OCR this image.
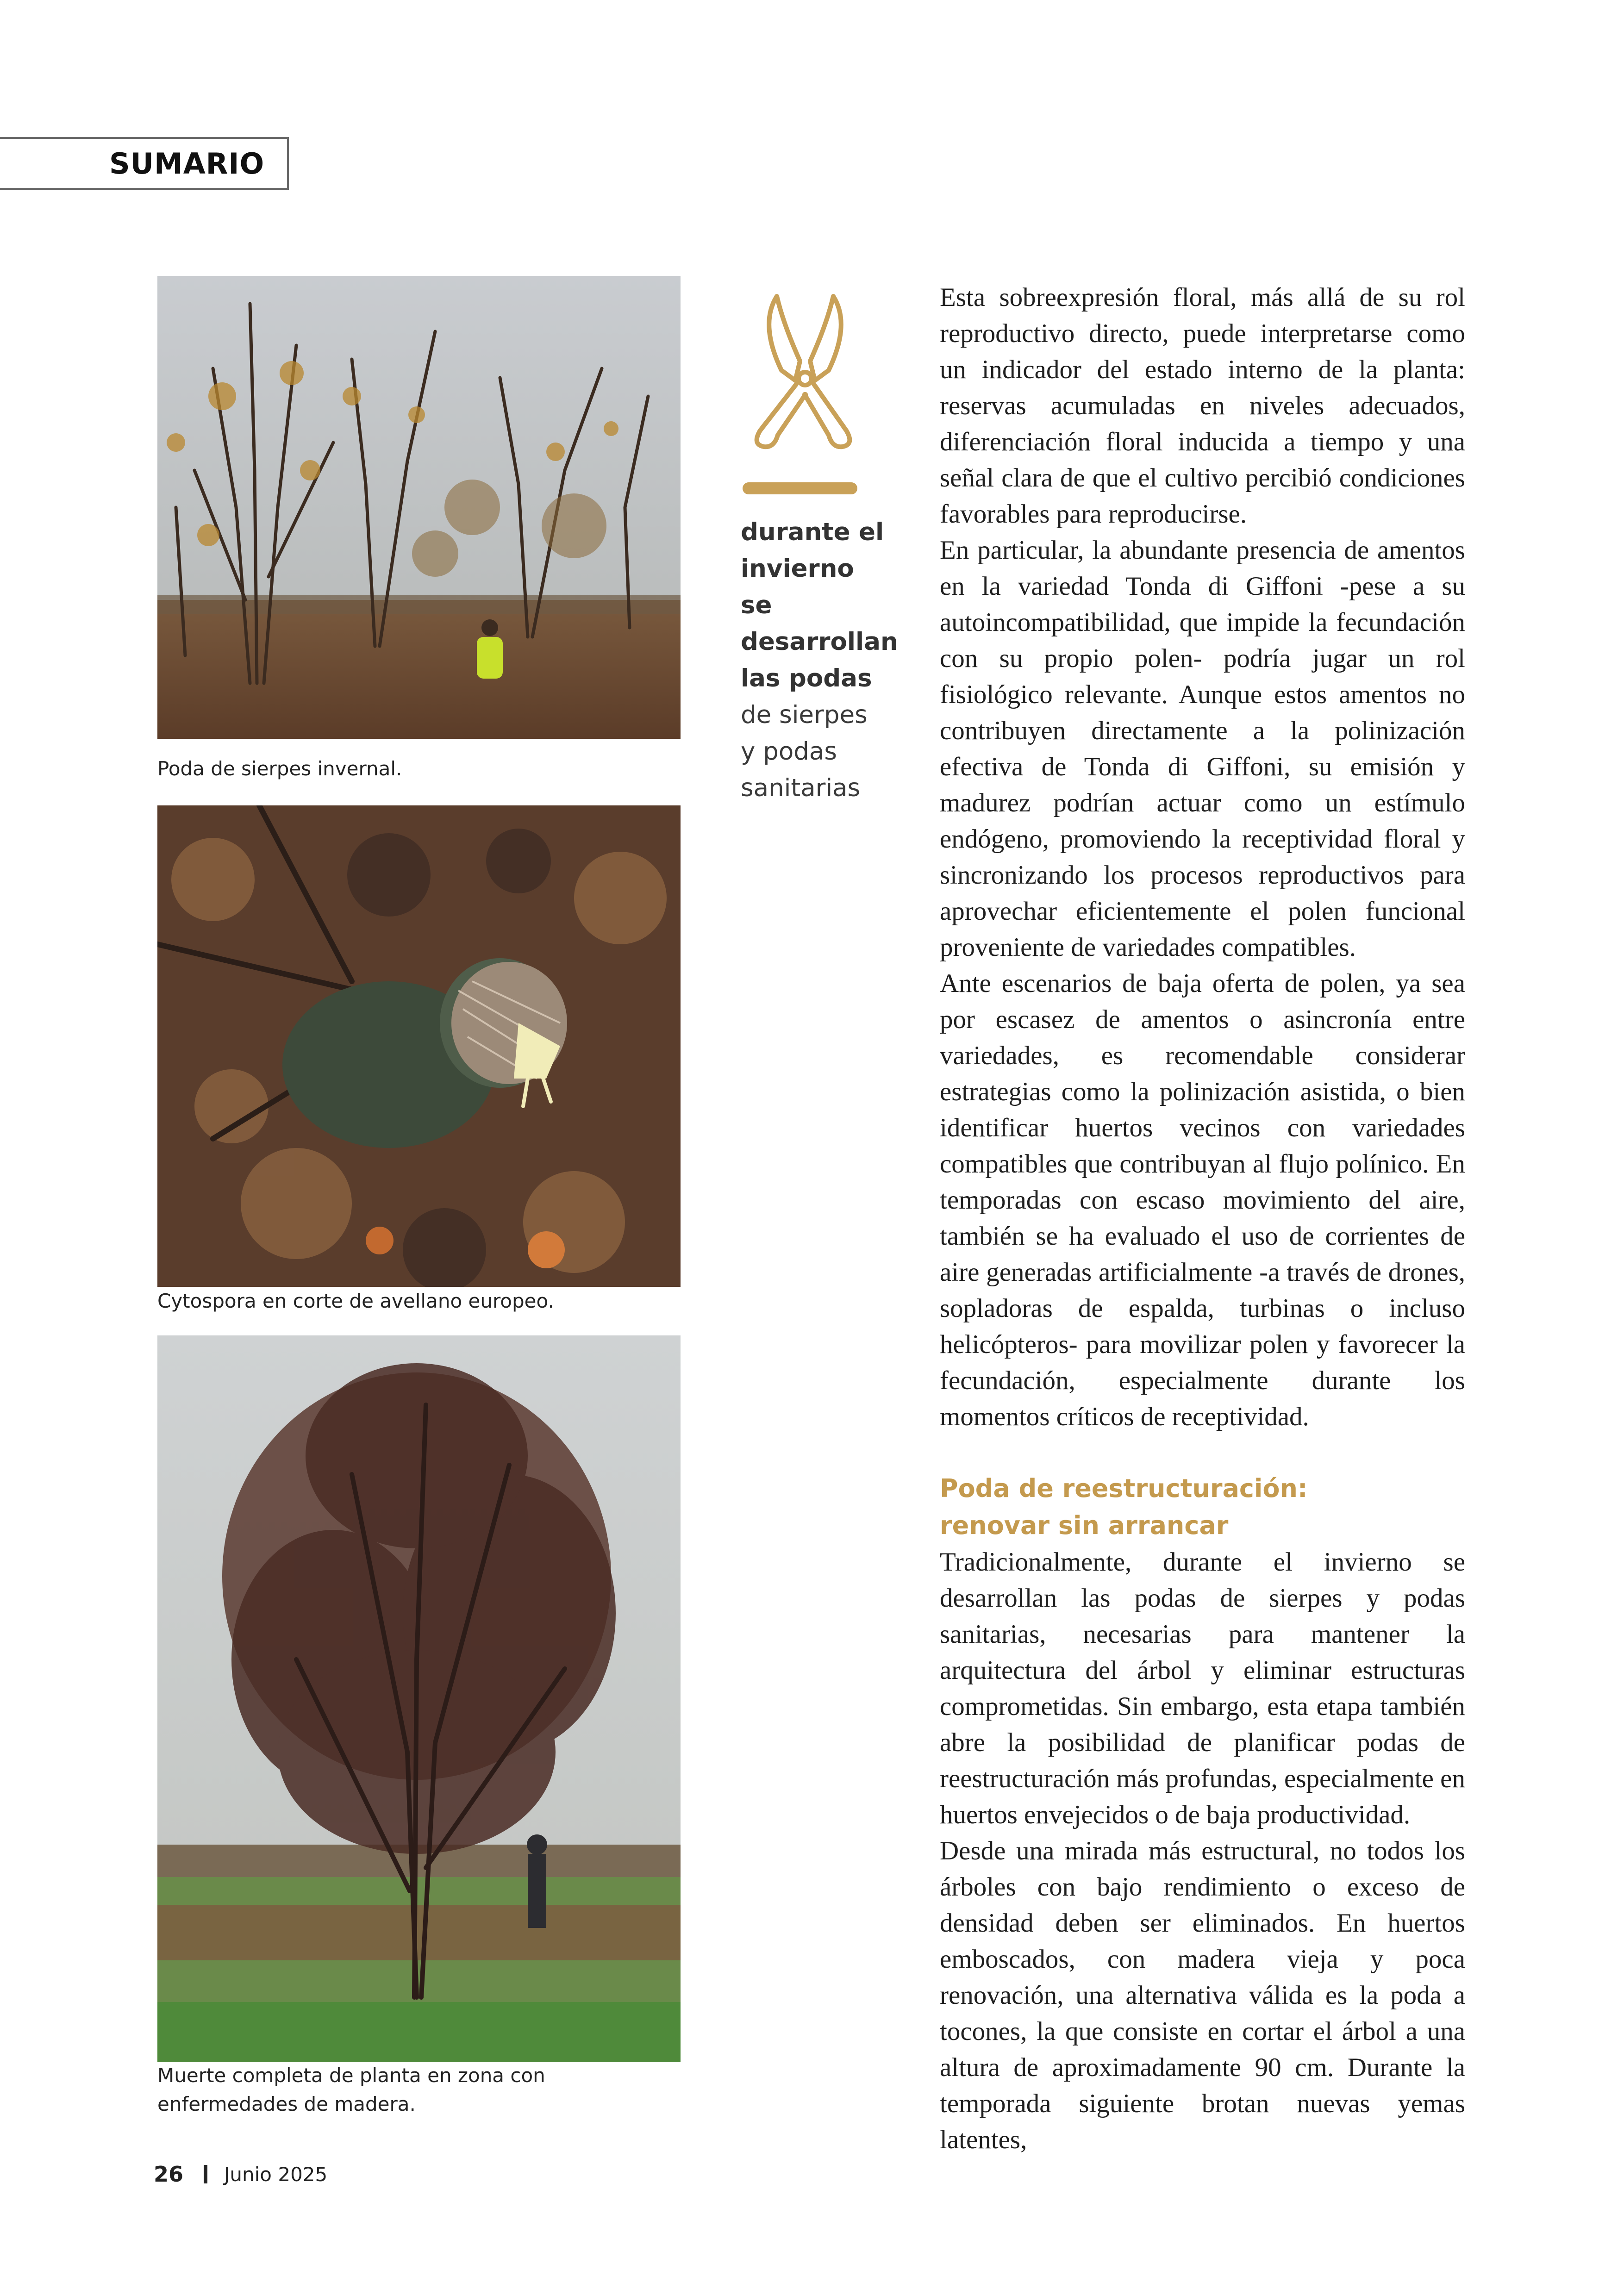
SUMARIO
Poda de sierpes invernal.
Cytospora en corte de avellano europeo.
Muerte completa de planta en zona con
enfermedades de madera.
durante el
invierno se
desarrollan
las podas
de sierpes
y podas
sanitarias

Esta sobreexpresión floral, más allá de su rol reproductivo directo, puede interpretarse como un indicador del estado interno de la planta: reservas acumuladas en niveles adecuados, diferenciación floral inducida a tiempo y una señal clara de que el cultivo percibió condiciones favorables para reproducirse.

En particular, la abundante presencia de amentos en la variedad Tonda di Giffoni -pese a su autoincompatibilidad, que impide la fecundación con su propio polen- podría jugar un rol fisiológico relevante. Aunque estos amentos no contribuyen directamente a la polinización efectiva de Tonda di Giffoni, su emisión y madurez podrían actuar como un estímulo endógeno, promoviendo la receptividad floral y sincronizando los procesos reproductivos para aprovechar eficientemente el polen funcional proveniente de variedades compatibles.

Ante escenarios de baja oferta de polen, ya sea por escasez de amentos o asincronía entre variedades, es recomendable considerar estrategias como la polinización asistida, o bien identificar huertos vecinos con variedades compatibles que contribuyan al flujo polínico. En temporadas con escaso movimiento del aire, también se ha evaluado el uso de corrientes de aire generadas artificialmente -a través de drones, sopladoras de espalda, turbinas o incluso helicópteros- para movilizar polen y favorecer la fecundación, especialmente durante los momentos críticos de receptividad.

Poda de reestructuración:
renovar sin arrancar

Tradicionalmente, durante el invierno se desarrollan las podas de sierpes y podas sanitarias, necesarias para mantener la arquitectura del árbol y eliminar estructuras comprometidas. Sin embargo, esta etapa también abre la posibilidad de planificar podas de reestructuración más profundas, especialmente en huertos envejecidos o de baja productividad.

Desde una mirada más estructural, no todos los árboles con bajo rendimiento o exceso de densidad deben ser eliminados. En huertos emboscados, con madera vieja y poca renovación, una alternativa válida es la poda a tocones, la que consiste en cortar el árbol a una altura de aproximadamente 90 cm. Durante la temporada siguiente brotan nuevas yemas latentes,

26 Junio 2025
